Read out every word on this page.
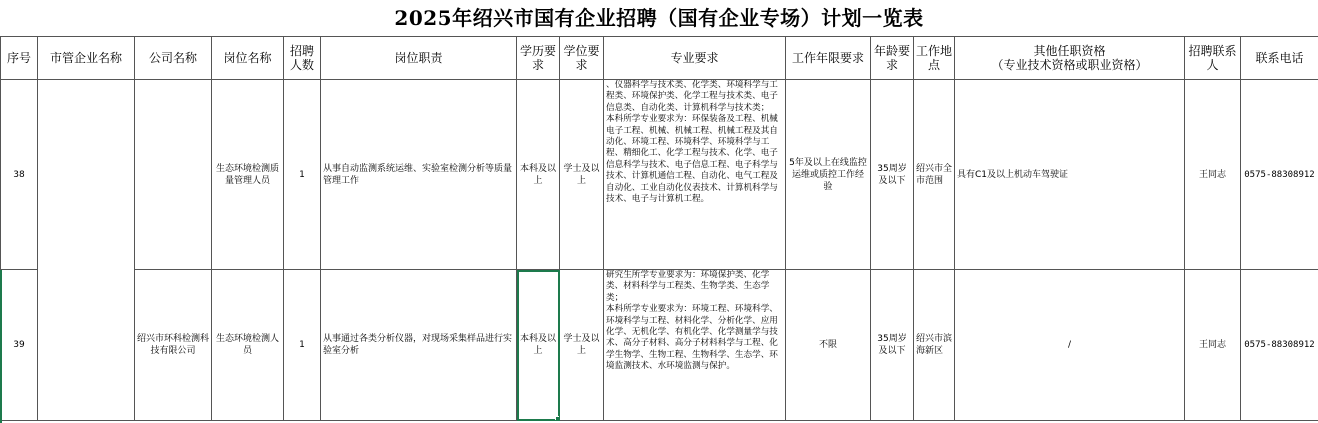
2025年绍兴市国有企业招聘（国有企业专场）计划一览表
序号	市管企业名称	公司名称	岗位名称	招聘人数	岗位职责	学历要求	学位要求	专业要求	工作年限要求	年龄要求	工作地点	其他任职资格
（专业技术资格或职业资格）	招聘联系人	联系电话
38			生态环境检测质量管理人员	1	从事自动监测系统运维、实验室检测分析等质量管理工作	本科及以上	学士及以上	、仪器科学与技术类、化学类、环境科学与工程类、环境保护类、化学工程与技术类、电子信息类、自动化类、计算机科学与技术类；
本科所学专业要求为：环保装备及工程、机械电子工程、机械、机械工程、机械工程及其自动化、环境工程、环境科学、环境科学与工程、精细化工、化学工程与技术、化学、电子信息科学与技术、电子信息工程、电子科学与技术、计算机通信工程、自动化、电气工程及自动化、工业自动化仪表技术、计算机科学与技术、电子与计算机工程。	5年及以上在线监控运维或质控工作经验	35周岁及以下	绍兴市全市范围	具有C1及以上机动车驾驶证	王同志	0575-88308912
39		绍兴市环科检测科技有限公司	生态环境检测人员	1	从事通过各类分析仪器，对现场采集样品进行实验室分析	本科及以上	学士及以上	研究生所学专业要求为：环境保护类、化学类、材料科学与工程类、生物学类、生态学类；
本科所学专业要求为：环境工程、环境科学、环境科学与工程、材料化学、分析化学、应用化学、无机化学、有机化学、化学测量学与技术、高分子材料、高分子材料科学与工程、化学生物学、生物工程、生物科学、生态学、环境监测技术、水环境监测与保护。	不限	35周岁及以下	绍兴市滨海新区	/	王同志	0575-88308912
